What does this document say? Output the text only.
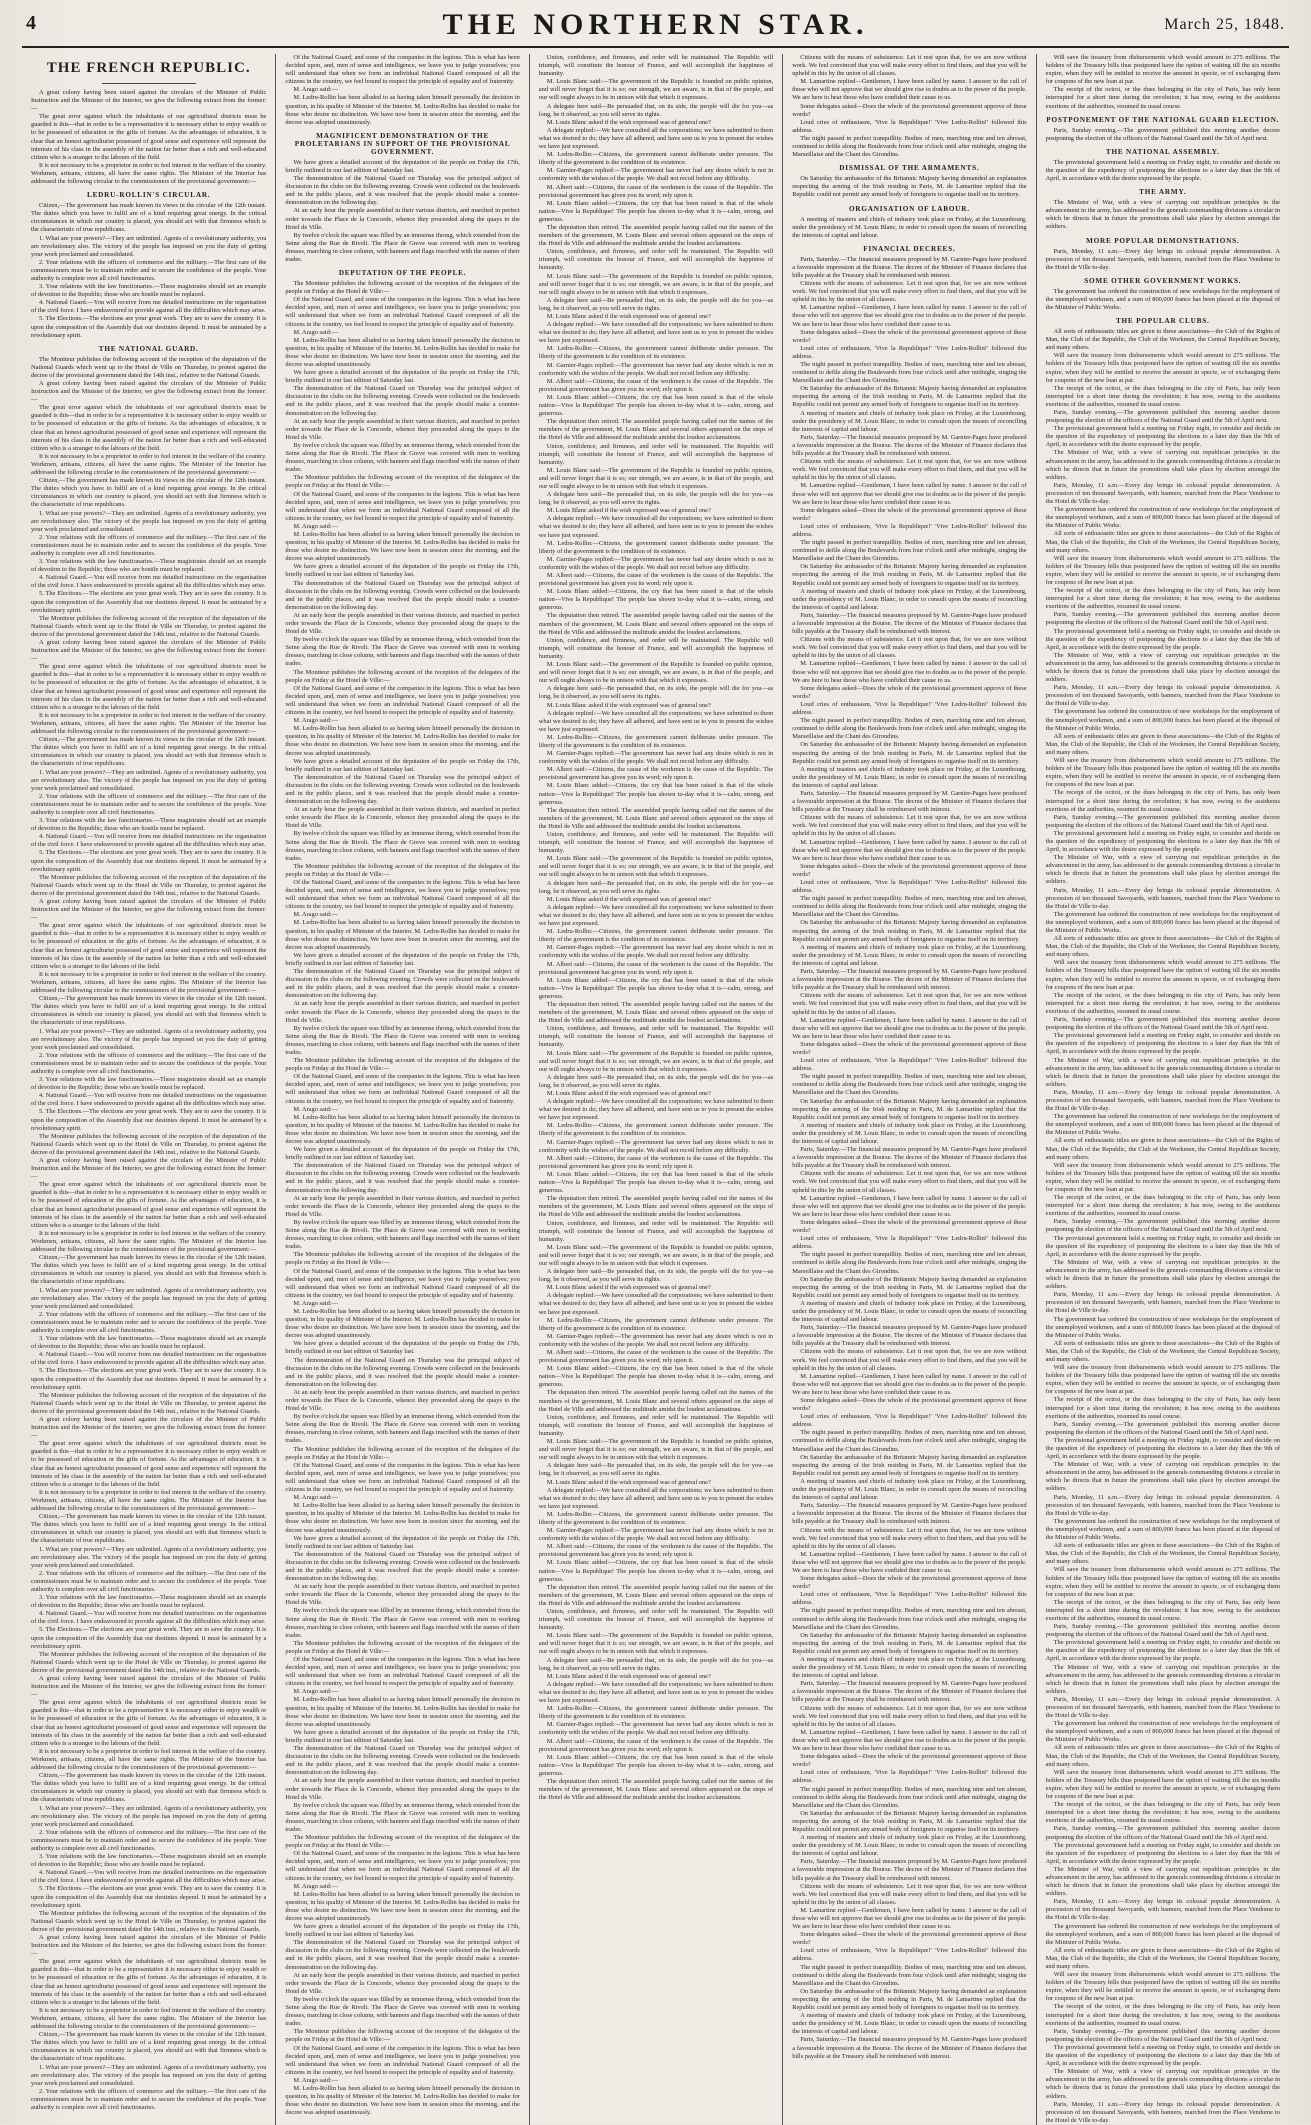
4	THE NORTHERN STAR.	March 25, 1848.
THE FRENCH REPUBLIC.

A great colony having been raised against the circulars of the Minister of Public Instruction and the Minister of the Interior, we give the following extract from the former:—

The great error against which the inhabitants of our agricultural districts must be guarded is this—that in order to be a representative it is necessary either to enjoy wealth or to be possessed of education or the gifts of fortune. As the advantages of education, it is clear that an honest agriculturist possessed of good sense and experience will represent the interests of his class in the assembly of the nation far better than a rich and well-educated citizen who is a stranger to the labours of the field.

It is not necessary to be a proprietor in order to feel interest in the welfare of the country. Workmen, artisans, citizens, all have the same rights. The Minister of the Interior has addressed the following circular to the commissioners of the provisional government:—

LEDRU-ROLLIN'S CIRCULAR.

Citizen,—The government has made known its views in the circular of the 12th instant. The duties which you have to fulfil are of a kind requiring great energy. In the critical circumstances in which our country is placed, you should act with that firmness which is the characteristic of true republicans.

1. What are your powers?—They are unlimited. Agents of a revolutionary authority, you are revolutionary also. The victory of the people has imposed on you the duty of getting your work proclaimed and consolidated.

2. Your relations with the officers of commerce and the military.—The first care of the commissioners must be to maintain order and to secure the confidence of the people. Your authority is complete over all civil functionaries.

3. Your relations with the law functionaries.—These magistrates should set an example of devotion to the Republic; those who are hostile must be replaced.

4. National Guard.—You will receive from me detailed instructions on the organisation of the civil force. I have endeavoured to provide against all the difficulties which may arise.

5. The Elections.—The elections are your great work. They are to save the country. It is upon the composition of the Assembly that our destinies depend. It must be animated by a revolutionary spirit.

THE NATIONAL GUARD.

The Moniteur publishes the following account of the reception of the deputation of the National Guards which went up to the Hotel de Ville on Thursday, to protest against the decree of the provisional government dated the 14th inst., relative to the National Guards.

A great colony having been raised against the circulars of the Minister of Public Instruction and the Minister of the Interior, we give the following extract from the former:—

The great error against which the inhabitants of our agricultural districts must be guarded is this—that in order to be a representative it is necessary either to enjoy wealth or to be possessed of education or the gifts of fortune. As the advantages of education, it is clear that an honest agriculturist possessed of good sense and experience will represent the interests of his class in the assembly of the nation far better than a rich and well-educated citizen who is a stranger to the labours of the field.

It is not necessary to be a proprietor in order to feel interest in the welfare of the country. Workmen, artisans, citizens, all have the same rights. The Minister of the Interior has addressed the following circular to the commissioners of the provisional government:—

Citizen,—The government has made known its views in the circular of the 12th instant. The duties which you have to fulfil are of a kind requiring great energy. In the critical circumstances in which our country is placed, you should act with that firmness which is the characteristic of true republicans.

1. What are your powers?—They are unlimited. Agents of a revolutionary authority, you are revolutionary also. The victory of the people has imposed on you the duty of getting your work proclaimed and consolidated.

2. Your relations with the officers of commerce and the military.—The first care of the commissioners must be to maintain order and to secure the confidence of the people. Your authority is complete over all civil functionaries.

3. Your relations with the law functionaries.—These magistrates should set an example of devotion to the Republic; those who are hostile must be replaced.

4. National Guard.—You will receive from me detailed instructions on the organisation of the civil force. I have endeavoured to provide against all the difficulties which may arise.

5. The Elections.—The elections are your great work. They are to save the country. It is upon the composition of the Assembly that our destinies depend. It must be animated by a revolutionary spirit.

The Moniteur publishes the following account of the reception of the deputation of the National Guards which went up to the Hotel de Ville on Thursday, to protest against the decree of the provisional government dated the 14th inst., relative to the National Guards.

A great colony having been raised against the circulars of the Minister of Public Instruction and the Minister of the Interior, we give the following extract from the former:—

The great error against which the inhabitants of our agricultural districts must be guarded is this—that in order to be a representative it is necessary either to enjoy wealth or to be possessed of education or the gifts of fortune. As the advantages of education, it is clear that an honest agriculturist possessed of good sense and experience will represent the interests of his class in the assembly of the nation far better than a rich and well-educated citizen who is a stranger to the labours of the field.

It is not necessary to be a proprietor in order to feel interest in the welfare of the country. Workmen, artisans, citizens, all have the same rights. The Minister of the Interior has addressed the following circular to the commissioners of the provisional government:—

Citizen,—The government has made known its views in the circular of the 12th instant. The duties which you have to fulfil are of a kind requiring great energy. In the critical circumstances in which our country is placed, you should act with that firmness which is the characteristic of true republicans.

1. What are your powers?—They are unlimited. Agents of a revolutionary authority, you are revolutionary also. The victory of the people has imposed on you the duty of getting your work proclaimed and consolidated.

2. Your relations with the officers of commerce and the military.—The first care of the commissioners must be to maintain order and to secure the confidence of the people. Your authority is complete over all civil functionaries.

3. Your relations with the law functionaries.—These magistrates should set an example of devotion to the Republic; those who are hostile must be replaced.

4. National Guard.—You will receive from me detailed instructions on the organisation of the civil force. I have endeavoured to provide against all the difficulties which may arise.

5. The Elections.—The elections are your great work. They are to save the country. It is upon the composition of the Assembly that our destinies depend. It must be animated by a revolutionary spirit.

The Moniteur publishes the following account of the reception of the deputation of the National Guards which went up to the Hotel de Ville on Thursday, to protest against the decree of the provisional government dated the 14th inst., relative to the National Guards.

A great colony having been raised against the circulars of the Minister of Public Instruction and the Minister of the Interior, we give the following extract from the former:—

The great error against which the inhabitants of our agricultural districts must be guarded is this—that in order to be a representative it is necessary either to enjoy wealth or to be possessed of education or the gifts of fortune. As the advantages of education, it is clear that an honest agriculturist possessed of good sense and experience will represent the interests of his class in the assembly of the nation far better than a rich and well-educated citizen who is a stranger to the labours of the field.

It is not necessary to be a proprietor in order to feel interest in the welfare of the country. Workmen, artisans, citizens, all have the same rights. The Minister of the Interior has addressed the following circular to the commissioners of the provisional government:—

Citizen,—The government has made known its views in the circular of the 12th instant. The duties which you have to fulfil are of a kind requiring great energy. In the critical circumstances in which our country is placed, you should act with that firmness which is the characteristic of true republicans.

1. What are your powers?—They are unlimited. Agents of a revolutionary authority, you are revolutionary also. The victory of the people has imposed on you the duty of getting your work proclaimed and consolidated.

2. Your relations with the officers of commerce and the military.—The first care of the commissioners must be to maintain order and to secure the confidence of the people. Your authority is complete over all civil functionaries.

3. Your relations with the law functionaries.—These magistrates should set an example of devotion to the Republic; those who are hostile must be replaced.

4. National Guard.—You will receive from me detailed instructions on the organisation of the civil force. I have endeavoured to provide against all the difficulties which may arise.

5. The Elections.—The elections are your great work. They are to save the country. It is upon the composition of the Assembly that our destinies depend. It must be animated by a revolutionary spirit.

The Moniteur publishes the following account of the reception of the deputation of the National Guards which went up to the Hotel de Ville on Thursday, to protest against the decree of the provisional government dated the 14th inst., relative to the National Guards.

A great colony having been raised against the circulars of the Minister of Public Instruction and the Minister of the Interior, we give the following extract from the former:—

The great error against which the inhabitants of our agricultural districts must be guarded is this—that in order to be a representative it is necessary either to enjoy wealth or to be possessed of education or the gifts of fortune. As the advantages of education, it is clear that an honest agriculturist possessed of good sense and experience will represent the interests of his class in the assembly of the nation far better than a rich and well-educated citizen who is a stranger to the labours of the field.

It is not necessary to be a proprietor in order to feel interest in the welfare of the country. Workmen, artisans, citizens, all have the same rights. The Minister of the Interior has addressed the following circular to the commissioners of the provisional government:—

Citizen,—The government has made known its views in the circular of the 12th instant. The duties which you have to fulfil are of a kind requiring great energy. In the critical circumstances in which our country is placed, you should act with that firmness which is the characteristic of true republicans.

1. What are your powers?—They are unlimited. Agents of a revolutionary authority, you are revolutionary also. The victory of the people has imposed on you the duty of getting your work proclaimed and consolidated.

2. Your relations with the officers of commerce and the military.—The first care of the commissioners must be to maintain order and to secure the confidence of the people. Your authority is complete over all civil functionaries.

3. Your relations with the law functionaries.—These magistrates should set an example of devotion to the Republic; those who are hostile must be replaced.

4. National Guard.—You will receive from me detailed instructions on the organisation of the civil force. I have endeavoured to provide against all the difficulties which may arise.

5. The Elections.—The elections are your great work. They are to save the country. It is upon the composition of the Assembly that our destinies depend. It must be animated by a revolutionary spirit.

The Moniteur publishes the following account of the reception of the deputation of the National Guards which went up to the Hotel de Ville on Thursday, to protest against the decree of the provisional government dated the 14th inst., relative to the National Guards.

A great colony having been raised against the circulars of the Minister of Public Instruction and the Minister of the Interior, we give the following extract from the former:—

The great error against which the inhabitants of our agricultural districts must be guarded is this—that in order to be a representative it is necessary either to enjoy wealth or to be possessed of education or the gifts of fortune. As the advantages of education, it is clear that an honest agriculturist possessed of good sense and experience will represent the interests of his class in the assembly of the nation far better than a rich and well-educated citizen who is a stranger to the labours of the field.

It is not necessary to be a proprietor in order to feel interest in the welfare of the country. Workmen, artisans, citizens, all have the same rights. The Minister of the Interior has addressed the following circular to the commissioners of the provisional government:—

Citizen,—The government has made known its views in the circular of the 12th instant. The duties which you have to fulfil are of a kind requiring great energy. In the critical circumstances in which our country is placed, you should act with that firmness which is the characteristic of true republicans.

1. What are your powers?—They are unlimited. Agents of a revolutionary authority, you are revolutionary also. The victory of the people has imposed on you the duty of getting your work proclaimed and consolidated.

2. Your relations with the officers of commerce and the military.—The first care of the commissioners must be to maintain order and to secure the confidence of the people. Your authority is complete over all civil functionaries.

3. Your relations with the law functionaries.—These magistrates should set an example of devotion to the Republic; those who are hostile must be replaced.

4. National Guard.—You will receive from me detailed instructions on the organisation of the civil force. I have endeavoured to provide against all the difficulties which may arise.

5. The Elections.—The elections are your great work. They are to save the country. It is upon the composition of the Assembly that our destinies depend. It must be animated by a revolutionary spirit.

The Moniteur publishes the following account of the reception of the deputation of the National Guards which went up to the Hotel de Ville on Thursday, to protest against the decree of the provisional government dated the 14th inst., relative to the National Guards.

A great colony having been raised against the circulars of the Minister of Public Instruction and the Minister of the Interior, we give the following extract from the former:—

The great error against which the inhabitants of our agricultural districts must be guarded is this—that in order to be a representative it is necessary either to enjoy wealth or to be possessed of education or the gifts of fortune. As the advantages of education, it is clear that an honest agriculturist possessed of good sense and experience will represent the interests of his class in the assembly of the nation far better than a rich and well-educated citizen who is a stranger to the labours of the field.

It is not necessary to be a proprietor in order to feel interest in the welfare of the country. Workmen, artisans, citizens, all have the same rights. The Minister of the Interior has addressed the following circular to the commissioners of the provisional government:—

Citizen,—The government has made known its views in the circular of the 12th instant. The duties which you have to fulfil are of a kind requiring great energy. In the critical circumstances in which our country is placed, you should act with that firmness which is the characteristic of true republicans.

1. What are your powers?—They are unlimited. Agents of a revolutionary authority, you are revolutionary also. The victory of the people has imposed on you the duty of getting your work proclaimed and consolidated.

2. Your relations with the officers of commerce and the military.—The first care of the commissioners must be to maintain order and to secure the confidence of the people. Your authority is complete over all civil functionaries.

3. Your relations with the law functionaries.—These magistrates should set an example of devotion to the Republic; those who are hostile must be replaced.

4. National Guard.—You will receive from me detailed instructions on the organisation of the civil force. I have endeavoured to provide against all the difficulties which may arise.

5. The Elections.—The elections are your great work. They are to save the country. It is upon the composition of the Assembly that our destinies depend. It must be animated by a revolutionary spirit.

The Moniteur publishes the following account of the reception of the deputation of the National Guards which went up to the Hotel de Ville on Thursday, to protest against the decree of the provisional government dated the 14th inst., relative to the National Guards.

A great colony having been raised against the circulars of the Minister of Public Instruction and the Minister of the Interior, we give the following extract from the former:—

The great error against which the inhabitants of our agricultural districts must be guarded is this—that in order to be a representative it is necessary either to enjoy wealth or to be possessed of education or the gifts of fortune. As the advantages of education, it is clear that an honest agriculturist possessed of good sense and experience will represent the interests of his class in the assembly of the nation far better than a rich and well-educated citizen who is a stranger to the labours of the field.

It is not necessary to be a proprietor in order to feel interest in the welfare of the country. Workmen, artisans, citizens, all have the same rights. The Minister of the Interior has addressed the following circular to the commissioners of the provisional government:—

Citizen,—The government has made known its views in the circular of the 12th instant. The duties which you have to fulfil are of a kind requiring great energy. In the critical circumstances in which our country is placed, you should act with that firmness which is the characteristic of true republicans.

1. What are your powers?—They are unlimited. Agents of a revolutionary authority, you are revolutionary also. The victory of the people has imposed on you the duty of getting your work proclaimed and consolidated.

2. Your relations with the officers of commerce and the military.—The first care of the commissioners must be to maintain order and to secure the confidence of the people. Your authority is complete over all civil functionaries.

Of the National Guard, and some of the companies in the legions. This is what has been decided upon, and, men of sense and intelligence, we leave you to judge yourselves; you will understand that when we form an individual National Guard composed of all the citizens in the country, we feel bound to respect the principle of equality and of fraternity.

M. Arago said:—

M. Ledru-Rollin has been alluded to as having taken himself personally the decision in question, in his quality of Minister of the Interior. M. Ledru-Rollin has decided to make for those who desire no distinction. We have now been in session since the morning, and the decree was adopted unanimously.

MAGNIFICENT DEMONSTRATION OF THE PROLETARIANS IN SUPPORT OF THE PROVISIONAL GOVERNMENT.

We have given a detailed account of the deputation of the people on Friday the 17th, briefly outlined in our last edition of Saturday last.

The demonstration of the National Guard on Thursday was the principal subject of discussion in the clubs on the following evening. Crowds were collected on the boulevards and in the public places, and it was resolved that the people should make a counter-demonstration on the following day.

At an early hour the people assembled in their various districts, and marched in perfect order towards the Place de la Concorde, whence they proceeded along the quays to the Hotel de Ville.

By twelve o'clock the square was filled by an immense throng, which extended from the Seine along the Rue de Rivoli. The Place de Greve was covered with men in working dresses, marching in close column, with banners and flags inscribed with the names of their trades.

DEPUTATION OF THE PEOPLE.

The Moniteur publishes the following account of the reception of the delegates of the people on Friday at the Hotel de Ville:—

Of the National Guard, and some of the companies in the legions. This is what has been decided upon, and, men of sense and intelligence, we leave you to judge yourselves; you will understand that when we form an individual National Guard composed of all the citizens in the country, we feel bound to respect the principle of equality and of fraternity.

M. Arago said:—

M. Ledru-Rollin has been alluded to as having taken himself personally the decision in question, in his quality of Minister of the Interior. M. Ledru-Rollin has decided to make for those who desire no distinction. We have now been in session since the morning, and the decree was adopted unanimously.

We have given a detailed account of the deputation of the people on Friday the 17th, briefly outlined in our last edition of Saturday last.

The demonstration of the National Guard on Thursday was the principal subject of discussion in the clubs on the following evening. Crowds were collected on the boulevards and in the public places, and it was resolved that the people should make a counter-demonstration on the following day.

At an early hour the people assembled in their various districts, and marched in perfect order towards the Place de la Concorde, whence they proceeded along the quays to the Hotel de Ville.

By twelve o'clock the square was filled by an immense throng, which extended from the Seine along the Rue de Rivoli. The Place de Greve was covered with men in working dresses, marching in close column, with banners and flags inscribed with the names of their trades.

The Moniteur publishes the following account of the reception of the delegates of the people on Friday at the Hotel de Ville:—

Of the National Guard, and some of the companies in the legions. This is what has been decided upon, and, men of sense and intelligence, we leave you to judge yourselves; you will understand that when we form an individual National Guard composed of all the citizens in the country, we feel bound to respect the principle of equality and of fraternity.

M. Arago said:—

M. Ledru-Rollin has been alluded to as having taken himself personally the decision in question, in his quality of Minister of the Interior. M. Ledru-Rollin has decided to make for those who desire no distinction. We have now been in session since the morning, and the decree was adopted unanimously.

We have given a detailed account of the deputation of the people on Friday the 17th, briefly outlined in our last edition of Saturday last.

The demonstration of the National Guard on Thursday was the principal subject of discussion in the clubs on the following evening. Crowds were collected on the boulevards and in the public places, and it was resolved that the people should make a counter-demonstration on the following day.

At an early hour the people assembled in their various districts, and marched in perfect order towards the Place de la Concorde, whence they proceeded along the quays to the Hotel de Ville.

By twelve o'clock the square was filled by an immense throng, which extended from the Seine along the Rue de Rivoli. The Place de Greve was covered with men in working dresses, marching in close column, with banners and flags inscribed with the names of their trades.

The Moniteur publishes the following account of the reception of the delegates of the people on Friday at the Hotel de Ville:—

Of the National Guard, and some of the companies in the legions. This is what has been decided upon, and, men of sense and intelligence, we leave you to judge yourselves; you will understand that when we form an individual National Guard composed of all the citizens in the country, we feel bound to respect the principle of equality and of fraternity.

M. Arago said:—

M. Ledru-Rollin has been alluded to as having taken himself personally the decision in question, in his quality of Minister of the Interior. M. Ledru-Rollin has decided to make for those who desire no distinction. We have now been in session since the morning, and the decree was adopted unanimously.

We have given a detailed account of the deputation of the people on Friday the 17th, briefly outlined in our last edition of Saturday last.

The demonstration of the National Guard on Thursday was the principal subject of discussion in the clubs on the following evening. Crowds were collected on the boulevards and in the public places, and it was resolved that the people should make a counter-demonstration on the following day.

At an early hour the people assembled in their various districts, and marched in perfect order towards the Place de la Concorde, whence they proceeded along the quays to the Hotel de Ville.

By twelve o'clock the square was filled by an immense throng, which extended from the Seine along the Rue de Rivoli. The Place de Greve was covered with men in working dresses, marching in close column, with banners and flags inscribed with the names of their trades.

The Moniteur publishes the following account of the reception of the delegates of the people on Friday at the Hotel de Ville:—

Of the National Guard, and some of the companies in the legions. This is what has been decided upon, and, men of sense and intelligence, we leave you to judge yourselves; you will understand that when we form an individual National Guard composed of all the citizens in the country, we feel bound to respect the principle of equality and of fraternity.

M. Arago said:—

M. Ledru-Rollin has been alluded to as having taken himself personally the decision in question, in his quality of Minister of the Interior. M. Ledru-Rollin has decided to make for those who desire no distinction. We have now been in session since the morning, and the decree was adopted unanimously.

We have given a detailed account of the deputation of the people on Friday the 17th, briefly outlined in our last edition of Saturday last.

The demonstration of the National Guard on Thursday was the principal subject of discussion in the clubs on the following evening. Crowds were collected on the boulevards and in the public places, and it was resolved that the people should make a counter-demonstration on the following day.

At an early hour the people assembled in their various districts, and marched in perfect order towards the Place de la Concorde, whence they proceeded along the quays to the Hotel de Ville.

By twelve o'clock the square was filled by an immense throng, which extended from the Seine along the Rue de Rivoli. The Place de Greve was covered with men in working dresses, marching in close column, with banners and flags inscribed with the names of their trades.

The Moniteur publishes the following account of the reception of the delegates of the people on Friday at the Hotel de Ville:—

Of the National Guard, and some of the companies in the legions. This is what has been decided upon, and, men of sense and intelligence, we leave you to judge yourselves; you will understand that when we form an individual National Guard composed of all the citizens in the country, we feel bound to respect the principle of equality and of fraternity.

M. Arago said:—

M. Ledru-Rollin has been alluded to as having taken himself personally the decision in question, in his quality of Minister of the Interior. M. Ledru-Rollin has decided to make for those who desire no distinction. We have now been in session since the morning, and the decree was adopted unanimously.

We have given a detailed account of the deputation of the people on Friday the 17th, briefly outlined in our last edition of Saturday last.

The demonstration of the National Guard on Thursday was the principal subject of discussion in the clubs on the following evening. Crowds were collected on the boulevards and in the public places, and it was resolved that the people should make a counter-demonstration on the following day.

At an early hour the people assembled in their various districts, and marched in perfect order towards the Place de la Concorde, whence they proceeded along the quays to the Hotel de Ville.

By twelve o'clock the square was filled by an immense throng, which extended from the Seine along the Rue de Rivoli. The Place de Greve was covered with men in working dresses, marching in close column, with banners and flags inscribed with the names of their trades.

The Moniteur publishes the following account of the reception of the delegates of the people on Friday at the Hotel de Ville:—

Of the National Guard, and some of the companies in the legions. This is what has been decided upon, and, men of sense and intelligence, we leave you to judge yourselves; you will understand that when we form an individual National Guard composed of all the citizens in the country, we feel bound to respect the principle of equality and of fraternity.

M. Arago said:—

M. Ledru-Rollin has been alluded to as having taken himself personally the decision in question, in his quality of Minister of the Interior. M. Ledru-Rollin has decided to make for those who desire no distinction. We have now been in session since the morning, and the decree was adopted unanimously.

We have given a detailed account of the deputation of the people on Friday the 17th, briefly outlined in our last edition of Saturday last.

The demonstration of the National Guard on Thursday was the principal subject of discussion in the clubs on the following evening. Crowds were collected on the boulevards and in the public places, and it was resolved that the people should make a counter-demonstration on the following day.

At an early hour the people assembled in their various districts, and marched in perfect order towards the Place de la Concorde, whence they proceeded along the quays to the Hotel de Ville.

By twelve o'clock the square was filled by an immense throng, which extended from the Seine along the Rue de Rivoli. The Place de Greve was covered with men in working dresses, marching in close column, with banners and flags inscribed with the names of their trades.

The Moniteur publishes the following account of the reception of the delegates of the people on Friday at the Hotel de Ville:—

Of the National Guard, and some of the companies in the legions. This is what has been decided upon, and, men of sense and intelligence, we leave you to judge yourselves; you will understand that when we form an individual National Guard composed of all the citizens in the country, we feel bound to respect the principle of equality and of fraternity.

M. Arago said:—

M. Ledru-Rollin has been alluded to as having taken himself personally the decision in question, in his quality of Minister of the Interior. M. Ledru-Rollin has decided to make for those who desire no distinction. We have now been in session since the morning, and the decree was adopted unanimously.

We have given a detailed account of the deputation of the people on Friday the 17th, briefly outlined in our last edition of Saturday last.

The demonstration of the National Guard on Thursday was the principal subject of discussion in the clubs on the following evening. Crowds were collected on the boulevards and in the public places, and it was resolved that the people should make a counter-demonstration on the following day.

At an early hour the people assembled in their various districts, and marched in perfect order towards the Place de la Concorde, whence they proceeded along the quays to the Hotel de Ville.

By twelve o'clock the square was filled by an immense throng, which extended from the Seine along the Rue de Rivoli. The Place de Greve was covered with men in working dresses, marching in close column, with banners and flags inscribed with the names of their trades.

The Moniteur publishes the following account of the reception of the delegates of the people on Friday at the Hotel de Ville:—

Of the National Guard, and some of the companies in the legions. This is what has been decided upon, and, men of sense and intelligence, we leave you to judge yourselves; you will understand that when we form an individual National Guard composed of all the citizens in the country, we feel bound to respect the principle of equality and of fraternity.

M. Arago said:—

M. Ledru-Rollin has been alluded to as having taken himself personally the decision in question, in his quality of Minister of the Interior. M. Ledru-Rollin has decided to make for those who desire no distinction. We have now been in session since the morning, and the decree was adopted unanimously.

We have given a detailed account of the deputation of the people on Friday the 17th, briefly outlined in our last edition of Saturday last.

The demonstration of the National Guard on Thursday was the principal subject of discussion in the clubs on the following evening. Crowds were collected on the boulevards and in the public places, and it was resolved that the people should make a counter-demonstration on the following day.

At an early hour the people assembled in their various districts, and marched in perfect order towards the Place de la Concorde, whence they proceeded along the quays to the Hotel de Ville.

By twelve o'clock the square was filled by an immense throng, which extended from the Seine along the Rue de Rivoli. The Place de Greve was covered with men in working dresses, marching in close column, with banners and flags inscribed with the names of their trades.

The Moniteur publishes the following account of the reception of the delegates of the people on Friday at the Hotel de Ville:—

Of the National Guard, and some of the companies in the legions. This is what has been decided upon, and, men of sense and intelligence, we leave you to judge yourselves; you will understand that when we form an individual National Guard composed of all the citizens in the country, we feel bound to respect the principle of equality and of fraternity.

M. Arago said:—

M. Ledru-Rollin has been alluded to as having taken himself personally the decision in question, in his quality of Minister of the Interior. M. Ledru-Rollin has decided to make for those who desire no distinction. We have now been in session since the morning, and the decree was adopted unanimously.

We have given a detailed account of the deputation of the people on Friday the 17th, briefly outlined in our last edition of Saturday last.

The demonstration of the National Guard on Thursday was the principal subject of discussion in the clubs on the following evening. Crowds were collected on the boulevards and in the public places, and it was resolved that the people should make a counter-demonstration on the following day.

At an early hour the people assembled in their various districts, and marched in perfect order towards the Place de la Concorde, whence they proceeded along the quays to the Hotel de Ville.

By twelve o'clock the square was filled by an immense throng, which extended from the Seine along the Rue de Rivoli. The Place de Greve was covered with men in working dresses, marching in close column, with banners and flags inscribed with the names of their trades.

The Moniteur publishes the following account of the reception of the delegates of the people on Friday at the Hotel de Ville:—

Of the National Guard, and some of the companies in the legions. This is what has been decided upon, and, men of sense and intelligence, we leave you to judge yourselves; you will understand that when we form an individual National Guard composed of all the citizens in the country, we feel bound to respect the principle of equality and of fraternity.

M. Arago said:—

M. Ledru-Rollin has been alluded to as having taken himself personally the decision in question, in his quality of Minister of the Interior. M. Ledru-Rollin has decided to make for those who desire no distinction. We have now been in session since the morning, and the decree was adopted unanimously.

Union, confidence, and firmness, and order will be maintained. The Republic will triumph, will constitute the honour of France, and will accomplish the happiness of humanity.

M. Louis Blanc said:—The government of the Republic is founded on public opinion, and will never forget that it is so; our strength, we are aware, is in that of the people, and our will ought always to be in unison with that which it expresses.

A delegate here said—Be persuaded that, on its side, the people will die for you—as long, be it observed, as you will serve its rights.

M. Louis Blanc asked if the wish expressed was of general one?

A delegate replied:—We have consulted all the corporations; we have submitted to them what we desired to do; they have all adhered, and have sent us to you to present the wishes we have just expressed.

M. Ledru-Rollin:—Citizens, the government cannot deliberate under pressure. The liberty of the government is the condition of its existence.

M. Garnier-Pages replied:—The government has never had any desire which is not in conformity with the wishes of the people. We shall not recoil before any difficulty.

M. Albert said:—Citizens, the cause of the workmen is the cause of the Republic. The provisional government has given you its word; rely upon it.

M. Louis Blanc added:—Citizens, the cry that has been raised is that of the whole nation—Vive la Republique! The people has shown to-day what it is—calm, strong, and generous.

The deputation then retired. The assembled people having called out the names of the members of the government, M. Louis Blanc and several others appeared on the steps of the Hotel de Ville and addressed the multitude amidst the loudest acclamations.

Union, confidence, and firmness, and order will be maintained. The Republic will triumph, will constitute the honour of France, and will accomplish the happiness of humanity.

M. Louis Blanc said:—The government of the Republic is founded on public opinion, and will never forget that it is so; our strength, we are aware, is in that of the people, and our will ought always to be in unison with that which it expresses.

A delegate here said—Be persuaded that, on its side, the people will die for you—as long, be it observed, as you will serve its rights.

M. Louis Blanc asked if the wish expressed was of general one?

A delegate replied:—We have consulted all the corporations; we have submitted to them what we desired to do; they have all adhered, and have sent us to you to present the wishes we have just expressed.

M. Ledru-Rollin:—Citizens, the government cannot deliberate under pressure. The liberty of the government is the condition of its existence.

M. Garnier-Pages replied:—The government has never had any desire which is not in conformity with the wishes of the people. We shall not recoil before any difficulty.

M. Albert said:—Citizens, the cause of the workmen is the cause of the Republic. The provisional government has given you its word; rely upon it.

M. Louis Blanc added:—Citizens, the cry that has been raised is that of the whole nation—Vive la Republique! The people has shown to-day what it is—calm, strong, and generous.

The deputation then retired. The assembled people having called out the names of the members of the government, M. Louis Blanc and several others appeared on the steps of the Hotel de Ville and addressed the multitude amidst the loudest acclamations.

Union, confidence, and firmness, and order will be maintained. The Republic will triumph, will constitute the honour of France, and will accomplish the happiness of humanity.

M. Louis Blanc said:—The government of the Republic is founded on public opinion, and will never forget that it is so; our strength, we are aware, is in that of the people, and our will ought always to be in unison with that which it expresses.

A delegate here said—Be persuaded that, on its side, the people will die for you—as long, be it observed, as you will serve its rights.

M. Louis Blanc asked if the wish expressed was of general one?

A delegate replied:—We have consulted all the corporations; we have submitted to them what we desired to do; they have all adhered, and have sent us to you to present the wishes we have just expressed.

M. Ledru-Rollin:—Citizens, the government cannot deliberate under pressure. The liberty of the government is the condition of its existence.

M. Garnier-Pages replied:—The government has never had any desire which is not in conformity with the wishes of the people. We shall not recoil before any difficulty.

M. Albert said:—Citizens, the cause of the workmen is the cause of the Republic. The provisional government has given you its word; rely upon it.

M. Louis Blanc added:—Citizens, the cry that has been raised is that of the whole nation—Vive la Republique! The people has shown to-day what it is—calm, strong, and generous.

The deputation then retired. The assembled people having called out the names of the members of the government, M. Louis Blanc and several others appeared on the steps of the Hotel de Ville and addressed the multitude amidst the loudest acclamations.

Union, confidence, and firmness, and order will be maintained. The Republic will triumph, will constitute the honour of France, and will accomplish the happiness of humanity.

M. Louis Blanc said:—The government of the Republic is founded on public opinion, and will never forget that it is so; our strength, we are aware, is in that of the people, and our will ought always to be in unison with that which it expresses.

A delegate here said—Be persuaded that, on its side, the people will die for you—as long, be it observed, as you will serve its rights.

M. Louis Blanc asked if the wish expressed was of general one?

A delegate replied:—We have consulted all the corporations; we have submitted to them what we desired to do; they have all adhered, and have sent us to you to present the wishes we have just expressed.

M. Ledru-Rollin:—Citizens, the government cannot deliberate under pressure. The liberty of the government is the condition of its existence.

M. Garnier-Pages replied:—The government has never had any desire which is not in conformity with the wishes of the people. We shall not recoil before any difficulty.

M. Albert said:—Citizens, the cause of the workmen is the cause of the Republic. The provisional government has given you its word; rely upon it.

M. Louis Blanc added:—Citizens, the cry that has been raised is that of the whole nation—Vive la Republique! The people has shown to-day what it is—calm, strong, and generous.

The deputation then retired. The assembled people having called out the names of the members of the government, M. Louis Blanc and several others appeared on the steps of the Hotel de Ville and addressed the multitude amidst the loudest acclamations.

Union, confidence, and firmness, and order will be maintained. The Republic will triumph, will constitute the honour of France, and will accomplish the happiness of humanity.

M. Louis Blanc said:—The government of the Republic is founded on public opinion, and will never forget that it is so; our strength, we are aware, is in that of the people, and our will ought always to be in unison with that which it expresses.

A delegate here said—Be persuaded that, on its side, the people will die for you—as long, be it observed, as you will serve its rights.

M. Louis Blanc asked if the wish expressed was of general one?

A delegate replied:—We have consulted all the corporations; we have submitted to them what we desired to do; they have all adhered, and have sent us to you to present the wishes we have just expressed.

M. Ledru-Rollin:—Citizens, the government cannot deliberate under pressure. The liberty of the government is the condition of its existence.

M. Garnier-Pages replied:—The government has never had any desire which is not in conformity with the wishes of the people. We shall not recoil before any difficulty.

M. Albert said:—Citizens, the cause of the workmen is the cause of the Republic. The provisional government has given you its word; rely upon it.

M. Louis Blanc added:—Citizens, the cry that has been raised is that of the whole nation—Vive la Republique! The people has shown to-day what it is—calm, strong, and generous.

The deputation then retired. The assembled people having called out the names of the members of the government, M. Louis Blanc and several others appeared on the steps of the Hotel de Ville and addressed the multitude amidst the loudest acclamations.

Union, confidence, and firmness, and order will be maintained. The Republic will triumph, will constitute the honour of France, and will accomplish the happiness of humanity.

M. Louis Blanc said:—The government of the Republic is founded on public opinion, and will never forget that it is so; our strength, we are aware, is in that of the people, and our will ought always to be in unison with that which it expresses.

A delegate here said—Be persuaded that, on its side, the people will die for you—as long, be it observed, as you will serve its rights.

M. Louis Blanc asked if the wish expressed was of general one?

A delegate replied:—We have consulted all the corporations; we have submitted to them what we desired to do; they have all adhered, and have sent us to you to present the wishes we have just expressed.

M. Ledru-Rollin:—Citizens, the government cannot deliberate under pressure. The liberty of the government is the condition of its existence.

M. Garnier-Pages replied:—The government has never had any desire which is not in conformity with the wishes of the people. We shall not recoil before any difficulty.

M. Albert said:—Citizens, the cause of the workmen is the cause of the Republic. The provisional government has given you its word; rely upon it.

M. Louis Blanc added:—Citizens, the cry that has been raised is that of the whole nation—Vive la Republique! The people has shown to-day what it is—calm, strong, and generous.

The deputation then retired. The assembled people having called out the names of the members of the government, M. Louis Blanc and several others appeared on the steps of the Hotel de Ville and addressed the multitude amidst the loudest acclamations.

Union, confidence, and firmness, and order will be maintained. The Republic will triumph, will constitute the honour of France, and will accomplish the happiness of humanity.

M. Louis Blanc said:—The government of the Republic is founded on public opinion, and will never forget that it is so; our strength, we are aware, is in that of the people, and our will ought always to be in unison with that which it expresses.

A delegate here said—Be persuaded that, on its side, the people will die for you—as long, be it observed, as you will serve its rights.

M. Louis Blanc asked if the wish expressed was of general one?

A delegate replied:—We have consulted all the corporations; we have submitted to them what we desired to do; they have all adhered, and have sent us to you to present the wishes we have just expressed.

M. Ledru-Rollin:—Citizens, the government cannot deliberate under pressure. The liberty of the government is the condition of its existence.

M. Garnier-Pages replied:—The government has never had any desire which is not in conformity with the wishes of the people. We shall not recoil before any difficulty.

M. Albert said:—Citizens, the cause of the workmen is the cause of the Republic. The provisional government has given you its word; rely upon it.

M. Louis Blanc added:—Citizens, the cry that has been raised is that of the whole nation—Vive la Republique! The people has shown to-day what it is—calm, strong, and generous.

The deputation then retired. The assembled people having called out the names of the members of the government, M. Louis Blanc and several others appeared on the steps of the Hotel de Ville and addressed the multitude amidst the loudest acclamations.

Union, confidence, and firmness, and order will be maintained. The Republic will triumph, will constitute the honour of France, and will accomplish the happiness of humanity.

M. Louis Blanc said:—The government of the Republic is founded on public opinion, and will never forget that it is so; our strength, we are aware, is in that of the people, and our will ought always to be in unison with that which it expresses.

A delegate here said—Be persuaded that, on its side, the people will die for you—as long, be it observed, as you will serve its rights.

M. Louis Blanc asked if the wish expressed was of general one?

A delegate replied:—We have consulted all the corporations; we have submitted to them what we desired to do; they have all adhered, and have sent us to you to present the wishes we have just expressed.

M. Ledru-Rollin:—Citizens, the government cannot deliberate under pressure. The liberty of the government is the condition of its existence.

M. Garnier-Pages replied:—The government has never had any desire which is not in conformity with the wishes of the people. We shall not recoil before any difficulty.

M. Albert said:—Citizens, the cause of the workmen is the cause of the Republic. The provisional government has given you its word; rely upon it.

M. Louis Blanc added:—Citizens, the cry that has been raised is that of the whole nation—Vive la Republique! The people has shown to-day what it is—calm, strong, and generous.

The deputation then retired. The assembled people having called out the names of the members of the government, M. Louis Blanc and several others appeared on the steps of the Hotel de Ville and addressed the multitude amidst the loudest acclamations.

Union, confidence, and firmness, and order will be maintained. The Republic will triumph, will constitute the honour of France, and will accomplish the happiness of humanity.

M. Louis Blanc said:—The government of the Republic is founded on public opinion, and will never forget that it is so; our strength, we are aware, is in that of the people, and our will ought always to be in unison with that which it expresses.

A delegate here said—Be persuaded that, on its side, the people will die for you—as long, be it observed, as you will serve its rights.

M. Louis Blanc asked if the wish expressed was of general one?

A delegate replied:—We have consulted all the corporations; we have submitted to them what we desired to do; they have all adhered, and have sent us to you to present the wishes we have just expressed.

M. Ledru-Rollin:—Citizens, the government cannot deliberate under pressure. The liberty of the government is the condition of its existence.

M. Garnier-Pages replied:—The government has never had any desire which is not in conformity with the wishes of the people. We shall not recoil before any difficulty.

M. Albert said:—Citizens, the cause of the workmen is the cause of the Republic. The provisional government has given you its word; rely upon it.

M. Louis Blanc added:—Citizens, the cry that has been raised is that of the whole nation—Vive la Republique! The people has shown to-day what it is—calm, strong, and generous.

The deputation then retired. The assembled people having called out the names of the members of the government, M. Louis Blanc and several others appeared on the steps of the Hotel de Ville and addressed the multitude amidst the loudest acclamations.

Citizens with the means of subsistence. Let it rest upon that, for we are now without work. We feel convinced that you will make every effort to find them, and that you will be upheld in this by the union of all classes.

M. Lamartine replied—Gentlemen, I have been called by name. I answer to the call of those who will not approve that we should give rise to doubts as to the power of the people. We are here to hear those who have confided their cause to us.

Some delegates asked—Does the whole of the provisional government approve of these words?

Loud cries of enthusiasm, 'Vive la Republique!' 'Vive Ledru-Rollin!' followed this address.

The night passed in perfect tranquillity. Bodies of men, marching nine and ten abreast, continued to defile along the Boulevards from four o'clock until after midnight, singing the Marseillaise and the Chant des Girondins.

DISMISSAL OF THE ARMAMENTS.

On Saturday the ambassador of the Britannic Majesty having demanded an explanation respecting the arming of the Irish residing in Paris, M. de Lamartine replied that the Republic could not permit any armed body of foreigners to organise itself on its territory.

ORGANISATION OF LABOUR.

A meeting of masters and chiefs of industry took place on Friday, at the Luxembourg, under the presidency of M. Louis Blanc, in order to consult upon the means of reconciling the interests of capital and labour.

FINANCIAL DECREES.

Paris, Saturday.—The financial measures proposed by M. Garnier-Pages have produced a favourable impression at the Bourse. The decree of the Minister of Finance declares that bills payable at the Treasury shall be reimbursed with interest.

Citizens with the means of subsistence. Let it rest upon that, for we are now without work. We feel convinced that you will make every effort to find them, and that you will be upheld in this by the union of all classes.

M. Lamartine replied—Gentlemen, I have been called by name. I answer to the call of those who will not approve that we should give rise to doubts as to the power of the people. We are here to hear those who have confided their cause to us.

Some delegates asked—Does the whole of the provisional government approve of these words?

Loud cries of enthusiasm, 'Vive la Republique!' 'Vive Ledru-Rollin!' followed this address.

The night passed in perfect tranquillity. Bodies of men, marching nine and ten abreast, continued to defile along the Boulevards from four o'clock until after midnight, singing the Marseillaise and the Chant des Girondins.

On Saturday the ambassador of the Britannic Majesty having demanded an explanation respecting the arming of the Irish residing in Paris, M. de Lamartine replied that the Republic could not permit any armed body of foreigners to organise itself on its territory.

A meeting of masters and chiefs of industry took place on Friday, at the Luxembourg, under the presidency of M. Louis Blanc, in order to consult upon the means of reconciling the interests of capital and labour.

Paris, Saturday.—The financial measures proposed by M. Garnier-Pages have produced a favourable impression at the Bourse. The decree of the Minister of Finance declares that bills payable at the Treasury shall be reimbursed with interest.

Citizens with the means of subsistence. Let it rest upon that, for we are now without work. We feel convinced that you will make every effort to find them, and that you will be upheld in this by the union of all classes.

M. Lamartine replied—Gentlemen, I have been called by name. I answer to the call of those who will not approve that we should give rise to doubts as to the power of the people. We are here to hear those who have confided their cause to us.

Some delegates asked—Does the whole of the provisional government approve of these words?

Loud cries of enthusiasm, 'Vive la Republique!' 'Vive Ledru-Rollin!' followed this address.

The night passed in perfect tranquillity. Bodies of men, marching nine and ten abreast, continued to defile along the Boulevards from four o'clock until after midnight, singing the Marseillaise and the Chant des Girondins.

On Saturday the ambassador of the Britannic Majesty having demanded an explanation respecting the arming of the Irish residing in Paris, M. de Lamartine replied that the Republic could not permit any armed body of foreigners to organise itself on its territory.

A meeting of masters and chiefs of industry took place on Friday, at the Luxembourg, under the presidency of M. Louis Blanc, in order to consult upon the means of reconciling the interests of capital and labour.

Paris, Saturday.—The financial measures proposed by M. Garnier-Pages have produced a favourable impression at the Bourse. The decree of the Minister of Finance declares that bills payable at the Treasury shall be reimbursed with interest.

Citizens with the means of subsistence. Let it rest upon that, for we are now without work. We feel convinced that you will make every effort to find them, and that you will be upheld in this by the union of all classes.

M. Lamartine replied—Gentlemen, I have been called by name. I answer to the call of those who will not approve that we should give rise to doubts as to the power of the people. We are here to hear those who have confided their cause to us.

Some delegates asked—Does the whole of the provisional government approve of these words?

Loud cries of enthusiasm, 'Vive la Republique!' 'Vive Ledru-Rollin!' followed this address.

The night passed in perfect tranquillity. Bodies of men, marching nine and ten abreast, continued to defile along the Boulevards from four o'clock until after midnight, singing the Marseillaise and the Chant des Girondins.

On Saturday the ambassador of the Britannic Majesty having demanded an explanation respecting the arming of the Irish residing in Paris, M. de Lamartine replied that the Republic could not permit any armed body of foreigners to organise itself on its territory.

A meeting of masters and chiefs of industry took place on Friday, at the Luxembourg, under the presidency of M. Louis Blanc, in order to consult upon the means of reconciling the interests of capital and labour.

Paris, Saturday.—The financial measures proposed by M. Garnier-Pages have produced a favourable impression at the Bourse. The decree of the Minister of Finance declares that bills payable at the Treasury shall be reimbursed with interest.

Citizens with the means of subsistence. Let it rest upon that, for we are now without work. We feel convinced that you will make every effort to find them, and that you will be upheld in this by the union of all classes.

M. Lamartine replied—Gentlemen, I have been called by name. I answer to the call of those who will not approve that we should give rise to doubts as to the power of the people. We are here to hear those who have confided their cause to us.

Some delegates asked—Does the whole of the provisional government approve of these words?

Loud cries of enthusiasm, 'Vive la Republique!' 'Vive Ledru-Rollin!' followed this address.

The night passed in perfect tranquillity. Bodies of men, marching nine and ten abreast, continued to defile along the Boulevards from four o'clock until after midnight, singing the Marseillaise and the Chant des Girondins.

On Saturday the ambassador of the Britannic Majesty having demanded an explanation respecting the arming of the Irish residing in Paris, M. de Lamartine replied that the Republic could not permit any armed body of foreigners to organise itself on its territory.

A meeting of masters and chiefs of industry took place on Friday, at the Luxembourg, under the presidency of M. Louis Blanc, in order to consult upon the means of reconciling the interests of capital and labour.

Paris, Saturday.—The financial measures proposed by M. Garnier-Pages have produced a favourable impression at the Bourse. The decree of the Minister of Finance declares that bills payable at the Treasury shall be reimbursed with interest.

Citizens with the means of subsistence. Let it rest upon that, for we are now without work. We feel convinced that you will make every effort to find them, and that you will be upheld in this by the union of all classes.

M. Lamartine replied—Gentlemen, I have been called by name. I answer to the call of those who will not approve that we should give rise to doubts as to the power of the people. We are here to hear those who have confided their cause to us.

Some delegates asked—Does the whole of the provisional government approve of these words?

Loud cries of enthusiasm, 'Vive la Republique!' 'Vive Ledru-Rollin!' followed this address.

The night passed in perfect tranquillity. Bodies of men, marching nine and ten abreast, continued to defile along the Boulevards from four o'clock until after midnight, singing the Marseillaise and the Chant des Girondins.

On Saturday the ambassador of the Britannic Majesty having demanded an explanation respecting the arming of the Irish residing in Paris, M. de Lamartine replied that the Republic could not permit any armed body of foreigners to organise itself on its territory.

A meeting of masters and chiefs of industry took place on Friday, at the Luxembourg, under the presidency of M. Louis Blanc, in order to consult upon the means of reconciling the interests of capital and labour.

Paris, Saturday.—The financial measures proposed by M. Garnier-Pages have produced a favourable impression at the Bourse. The decree of the Minister of Finance declares that bills payable at the Treasury shall be reimbursed with interest.

Citizens with the means of subsistence. Let it rest upon that, for we are now without work. We feel convinced that you will make every effort to find them, and that you will be upheld in this by the union of all classes.

M. Lamartine replied—Gentlemen, I have been called by name. I answer to the call of those who will not approve that we should give rise to doubts as to the power of the people. We are here to hear those who have confided their cause to us.

Some delegates asked—Does the whole of the provisional government approve of these words?

Loud cries of enthusiasm, 'Vive la Republique!' 'Vive Ledru-Rollin!' followed this address.

The night passed in perfect tranquillity. Bodies of men, marching nine and ten abreast, continued to defile along the Boulevards from four o'clock until after midnight, singing the Marseillaise and the Chant des Girondins.

On Saturday the ambassador of the Britannic Majesty having demanded an explanation respecting the arming of the Irish residing in Paris, M. de Lamartine replied that the Republic could not permit any armed body of foreigners to organise itself on its territory.

A meeting of masters and chiefs of industry took place on Friday, at the Luxembourg, under the presidency of M. Louis Blanc, in order to consult upon the means of reconciling the interests of capital and labour.

Paris, Saturday.—The financial measures proposed by M. Garnier-Pages have produced a favourable impression at the Bourse. The decree of the Minister of Finance declares that bills payable at the Treasury shall be reimbursed with interest.

Citizens with the means of subsistence. Let it rest upon that, for we are now without work. We feel convinced that you will make every effort to find them, and that you will be upheld in this by the union of all classes.

M. Lamartine replied—Gentlemen, I have been called by name. I answer to the call of those who will not approve that we should give rise to doubts as to the power of the people. We are here to hear those who have confided their cause to us.

Some delegates asked—Does the whole of the provisional government approve of these words?

Loud cries of enthusiasm, 'Vive la Republique!' 'Vive Ledru-Rollin!' followed this address.

The night passed in perfect tranquillity. Bodies of men, marching nine and ten abreast, continued to defile along the Boulevards from four o'clock until after midnight, singing the Marseillaise and the Chant des Girondins.

On Saturday the ambassador of the Britannic Majesty having demanded an explanation respecting the arming of the Irish residing in Paris, M. de Lamartine replied that the Republic could not permit any armed body of foreigners to organise itself on its territory.

A meeting of masters and chiefs of industry took place on Friday, at the Luxembourg, under the presidency of M. Louis Blanc, in order to consult upon the means of reconciling the interests of capital and labour.

Paris, Saturday.—The financial measures proposed by M. Garnier-Pages have produced a favourable impression at the Bourse. The decree of the Minister of Finance declares that bills payable at the Treasury shall be reimbursed with interest.

Citizens with the means of subsistence. Let it rest upon that, for we are now without work. We feel convinced that you will make every effort to find them, and that you will be upheld in this by the union of all classes.

M. Lamartine replied—Gentlemen, I have been called by name. I answer to the call of those who will not approve that we should give rise to doubts as to the power of the people. We are here to hear those who have confided their cause to us.

Some delegates asked—Does the whole of the provisional government approve of these words?

Loud cries of enthusiasm, 'Vive la Republique!' 'Vive Ledru-Rollin!' followed this address.

The night passed in perfect tranquillity. Bodies of men, marching nine and ten abreast, continued to defile along the Boulevards from four o'clock until after midnight, singing the Marseillaise and the Chant des Girondins.

On Saturday the ambassador of the Britannic Majesty having demanded an explanation respecting the arming of the Irish residing in Paris, M. de Lamartine replied that the Republic could not permit any armed body of foreigners to organise itself on its territory.

A meeting of masters and chiefs of industry took place on Friday, at the Luxembourg, under the presidency of M. Louis Blanc, in order to consult upon the means of reconciling the interests of capital and labour.

Paris, Saturday.—The financial measures proposed by M. Garnier-Pages have produced a favourable impression at the Bourse. The decree of the Minister of Finance declares that bills payable at the Treasury shall be reimbursed with interest.

Citizens with the means of subsistence. Let it rest upon that, for we are now without work. We feel convinced that you will make every effort to find them, and that you will be upheld in this by the union of all classes.

M. Lamartine replied—Gentlemen, I have been called by name. I answer to the call of those who will not approve that we should give rise to doubts as to the power of the people. We are here to hear those who have confided their cause to us.

Some delegates asked—Does the whole of the provisional government approve of these words?

Loud cries of enthusiasm, 'Vive la Republique!' 'Vive Ledru-Rollin!' followed this address.

The night passed in perfect tranquillity. Bodies of men, marching nine and ten abreast, continued to defile along the Boulevards from four o'clock until after midnight, singing the Marseillaise and the Chant des Girondins.

On Saturday the ambassador of the Britannic Majesty having demanded an explanation respecting the arming of the Irish residing in Paris, M. de Lamartine replied that the Republic could not permit any armed body of foreigners to organise itself on its territory.

A meeting of masters and chiefs of industry took place on Friday, at the Luxembourg, under the presidency of M. Louis Blanc, in order to consult upon the means of reconciling the interests of capital and labour.

Paris, Saturday.—The financial measures proposed by M. Garnier-Pages have produced a favourable impression at the Bourse. The decree of the Minister of Finance declares that bills payable at the Treasury shall be reimbursed with interest.

Citizens with the means of subsistence. Let it rest upon that, for we are now without work. We feel convinced that you will make every effort to find them, and that you will be upheld in this by the union of all classes.

M. Lamartine replied—Gentlemen, I have been called by name. I answer to the call of those who will not approve that we should give rise to doubts as to the power of the people. We are here to hear those who have confided their cause to us.

Some delegates asked—Does the whole of the provisional government approve of these words?

Loud cries of enthusiasm, 'Vive la Republique!' 'Vive Ledru-Rollin!' followed this address.

The night passed in perfect tranquillity. Bodies of men, marching nine and ten abreast, continued to defile along the Boulevards from four o'clock until after midnight, singing the Marseillaise and the Chant des Girondins.

On Saturday the ambassador of the Britannic Majesty having demanded an explanation respecting the arming of the Irish residing in Paris, M. de Lamartine replied that the Republic could not permit any armed body of foreigners to organise itself on its territory.

A meeting of masters and chiefs of industry took place on Friday, at the Luxembourg, under the presidency of M. Louis Blanc, in order to consult upon the means of reconciling the interests of capital and labour.

Paris, Saturday.—The financial measures proposed by M. Garnier-Pages have produced a favourable impression at the Bourse. The decree of the Minister of Finance declares that bills payable at the Treasury shall be reimbursed with interest.

Will save the treasury from disbursements which would amount to 275 millions. The holders of the Treasury bills thus postponed have the option of waiting till the six months expire, when they will be entitled to receive the amount in specie, or of exchanging them for coupons of the new loan at par.

The receipt of the octroi, or the dues belonging to the city of Paris, has only been interrupted for a short time during the revolution; it has now, owing to the assiduous exertions of the authorities, resumed its usual course.

POSTPONEMENT OF THE NATIONAL GUARD ELECTION.

Paris, Sunday evening.—The government published this morning another decree postponing the election of the officers of the National Guard until the 5th of April next.

THE NATIONAL ASSEMBLY.

The provisional government held a meeting on Friday night, to consider and decide on the question of the expediency of postponing the elections to a later day than the 9th of April, in accordance with the desire expressed by the people.

THE ARMY.

The Minister of War, with a view of carrying out republican principles in the advancement in the army, has addressed to the generals commanding divisions a circular in which he directs that in future the promotions shall take place by election amongst the soldiers.

MORE POPULAR DEMONSTRATIONS.

Paris, Monday, 11 a.m.—Every day brings its colossal popular demonstration. A procession of ten thousand Savoyards, with banners, marched from the Place Vendome to the Hotel de Ville to-day.

SOME OTHER GOVERNMENT WORKS.

The government has ordered the construction of new workshops for the employment of the unemployed workmen, and a sum of 800,000 francs has been placed at the disposal of the Minister of Public Works.

THE POPULAR CLUBS.

All sorts of enthusiastic titles are given to these associations—the Club of the Rights of Man, the Club of the Republic, the Club of the Workmen, the Central Republican Society, and many others.

Will save the treasury from disbursements which would amount to 275 millions. The holders of the Treasury bills thus postponed have the option of waiting till the six months expire, when they will be entitled to receive the amount in specie, or of exchanging them for coupons of the new loan at par.

The receipt of the octroi, or the dues belonging to the city of Paris, has only been interrupted for a short time during the revolution; it has now, owing to the assiduous exertions of the authorities, resumed its usual course.

Paris, Sunday evening.—The government published this morning another decree postponing the election of the officers of the National Guard until the 5th of April next.

The provisional government held a meeting on Friday night, to consider and decide on the question of the expediency of postponing the elections to a later day than the 9th of April, in accordance with the desire expressed by the people.

The Minister of War, with a view of carrying out republican principles in the advancement in the army, has addressed to the generals commanding divisions a circular in which he directs that in future the promotions shall take place by election amongst the soldiers.

Paris, Monday, 11 a.m.—Every day brings its colossal popular demonstration. A procession of ten thousand Savoyards, with banners, marched from the Place Vendome to the Hotel de Ville to-day.

The government has ordered the construction of new workshops for the employment of the unemployed workmen, and a sum of 800,000 francs has been placed at the disposal of the Minister of Public Works.

All sorts of enthusiastic titles are given to these associations—the Club of the Rights of Man, the Club of the Republic, the Club of the Workmen, the Central Republican Society, and many others.

Will save the treasury from disbursements which would amount to 275 millions. The holders of the Treasury bills thus postponed have the option of waiting till the six months expire, when they will be entitled to receive the amount in specie, or of exchanging them for coupons of the new loan at par.

The receipt of the octroi, or the dues belonging to the city of Paris, has only been interrupted for a short time during the revolution; it has now, owing to the assiduous exertions of the authorities, resumed its usual course.

Paris, Sunday evening.—The government published this morning another decree postponing the election of the officers of the National Guard until the 5th of April next.

The provisional government held a meeting on Friday night, to consider and decide on the question of the expediency of postponing the elections to a later day than the 9th of April, in accordance with the desire expressed by the people.

The Minister of War, with a view of carrying out republican principles in the advancement in the army, has addressed to the generals commanding divisions a circular in which he directs that in future the promotions shall take place by election amongst the soldiers.

Paris, Monday, 11 a.m.—Every day brings its colossal popular demonstration. A procession of ten thousand Savoyards, with banners, marched from the Place Vendome to the Hotel de Ville to-day.

The government has ordered the construction of new workshops for the employment of the unemployed workmen, and a sum of 800,000 francs has been placed at the disposal of the Minister of Public Works.

All sorts of enthusiastic titles are given to these associations—the Club of the Rights of Man, the Club of the Republic, the Club of the Workmen, the Central Republican Society, and many others.

Will save the treasury from disbursements which would amount to 275 millions. The holders of the Treasury bills thus postponed have the option of waiting till the six months expire, when they will be entitled to receive the amount in specie, or of exchanging them for coupons of the new loan at par.

The receipt of the octroi, or the dues belonging to the city of Paris, has only been interrupted for a short time during the revolution; it has now, owing to the assiduous exertions of the authorities, resumed its usual course.

Paris, Sunday evening.—The government published this morning another decree postponing the election of the officers of the National Guard until the 5th of April next.

The provisional government held a meeting on Friday night, to consider and decide on the question of the expediency of postponing the elections to a later day than the 9th of April, in accordance with the desire expressed by the people.

The Minister of War, with a view of carrying out republican principles in the advancement in the army, has addressed to the generals commanding divisions a circular in which he directs that in future the promotions shall take place by election amongst the soldiers.

Paris, Monday, 11 a.m.—Every day brings its colossal popular demonstration. A procession of ten thousand Savoyards, with banners, marched from the Place Vendome to the Hotel de Ville to-day.

The government has ordered the construction of new workshops for the employment of the unemployed workmen, and a sum of 800,000 francs has been placed at the disposal of the Minister of Public Works.

All sorts of enthusiastic titles are given to these associations—the Club of the Rights of Man, the Club of the Republic, the Club of the Workmen, the Central Republican Society, and many others.

Will save the treasury from disbursements which would amount to 275 millions. The holders of the Treasury bills thus postponed have the option of waiting till the six months expire, when they will be entitled to receive the amount in specie, or of exchanging them for coupons of the new loan at par.

The receipt of the octroi, or the dues belonging to the city of Paris, has only been interrupted for a short time during the revolution; it has now, owing to the assiduous exertions of the authorities, resumed its usual course.

Paris, Sunday evening.—The government published this morning another decree postponing the election of the officers of the National Guard until the 5th of April next.

The provisional government held a meeting on Friday night, to consider and decide on the question of the expediency of postponing the elections to a later day than the 9th of April, in accordance with the desire expressed by the people.

The Minister of War, with a view of carrying out republican principles in the advancement in the army, has addressed to the generals commanding divisions a circular in which he directs that in future the promotions shall take place by election amongst the soldiers.

Paris, Monday, 11 a.m.—Every day brings its colossal popular demonstration. A procession of ten thousand Savoyards, with banners, marched from the Place Vendome to the Hotel de Ville to-day.

The government has ordered the construction of new workshops for the employment of the unemployed workmen, and a sum of 800,000 francs has been placed at the disposal of the Minister of Public Works.

All sorts of enthusiastic titles are given to these associations—the Club of the Rights of Man, the Club of the Republic, the Club of the Workmen, the Central Republican Society, and many others.

Will save the treasury from disbursements which would amount to 275 millions. The holders of the Treasury bills thus postponed have the option of waiting till the six months expire, when they will be entitled to receive the amount in specie, or of exchanging them for coupons of the new loan at par.

The receipt of the octroi, or the dues belonging to the city of Paris, has only been interrupted for a short time during the revolution; it has now, owing to the assiduous exertions of the authorities, resumed its usual course.

Paris, Sunday evening.—The government published this morning another decree postponing the election of the officers of the National Guard until the 5th of April next.

The provisional government held a meeting on Friday night, to consider and decide on the question of the expediency of postponing the elections to a later day than the 9th of April, in accordance with the desire expressed by the people.

The Minister of War, with a view of carrying out republican principles in the advancement in the army, has addressed to the generals commanding divisions a circular in which he directs that in future the promotions shall take place by election amongst the soldiers.

Paris, Monday, 11 a.m.—Every day brings its colossal popular demonstration. A procession of ten thousand Savoyards, with banners, marched from the Place Vendome to the Hotel de Ville to-day.

The government has ordered the construction of new workshops for the employment of the unemployed workmen, and a sum of 800,000 francs has been placed at the disposal of the Minister of Public Works.

All sorts of enthusiastic titles are given to these associations—the Club of the Rights of Man, the Club of the Republic, the Club of the Workmen, the Central Republican Society, and many others.

Will save the treasury from disbursements which would amount to 275 millions. The holders of the Treasury bills thus postponed have the option of waiting till the six months expire, when they will be entitled to receive the amount in specie, or of exchanging them for coupons of the new loan at par.

The receipt of the octroi, or the dues belonging to the city of Paris, has only been interrupted for a short time during the revolution; it has now, owing to the assiduous exertions of the authorities, resumed its usual course.

Paris, Sunday evening.—The government published this morning another decree postponing the election of the officers of the National Guard until the 5th of April next.

The provisional government held a meeting on Friday night, to consider and decide on the question of the expediency of postponing the elections to a later day than the 9th of April, in accordance with the desire expressed by the people.

The Minister of War, with a view of carrying out republican principles in the advancement in the army, has addressed to the generals commanding divisions a circular in which he directs that in future the promotions shall take place by election amongst the soldiers.

Paris, Monday, 11 a.m.—Every day brings its colossal popular demonstration. A procession of ten thousand Savoyards, with banners, marched from the Place Vendome to the Hotel de Ville to-day.

The government has ordered the construction of new workshops for the employment of the unemployed workmen, and a sum of 800,000 francs has been placed at the disposal of the Minister of Public Works.

All sorts of enthusiastic titles are given to these associations—the Club of the Rights of Man, the Club of the Republic, the Club of the Workmen, the Central Republican Society, and many others.

Will save the treasury from disbursements which would amount to 275 millions. The holders of the Treasury bills thus postponed have the option of waiting till the six months expire, when they will be entitled to receive the amount in specie, or of exchanging them for coupons of the new loan at par.

The receipt of the octroi, or the dues belonging to the city of Paris, has only been interrupted for a short time during the revolution; it has now, owing to the assiduous exertions of the authorities, resumed its usual course.

Paris, Sunday evening.—The government published this morning another decree postponing the election of the officers of the National Guard until the 5th of April next.

The provisional government held a meeting on Friday night, to consider and decide on the question of the expediency of postponing the elections to a later day than the 9th of April, in accordance with the desire expressed by the people.

The Minister of War, with a view of carrying out republican principles in the advancement in the army, has addressed to the generals commanding divisions a circular in which he directs that in future the promotions shall take place by election amongst the soldiers.

Paris, Monday, 11 a.m.—Every day brings its colossal popular demonstration. A procession of ten thousand Savoyards, with banners, marched from the Place Vendome to the Hotel de Ville to-day.

The government has ordered the construction of new workshops for the employment of the unemployed workmen, and a sum of 800,000 francs has been placed at the disposal of the Minister of Public Works.

All sorts of enthusiastic titles are given to these associations—the Club of the Rights of Man, the Club of the Republic, the Club of the Workmen, the Central Republican Society, and many others.

Will save the treasury from disbursements which would amount to 275 millions. The holders of the Treasury bills thus postponed have the option of waiting till the six months expire, when they will be entitled to receive the amount in specie, or of exchanging them for coupons of the new loan at par.

The receipt of the octroi, or the dues belonging to the city of Paris, has only been interrupted for a short time during the revolution; it has now, owing to the assiduous exertions of the authorities, resumed its usual course.

Paris, Sunday evening.—The government published this morning another decree postponing the election of the officers of the National Guard until the 5th of April next.

The provisional government held a meeting on Friday night, to consider and decide on the question of the expediency of postponing the elections to a later day than the 9th of April, in accordance with the desire expressed by the people.

The Minister of War, with a view of carrying out republican principles in the advancement in the army, has addressed to the generals commanding divisions a circular in which he directs that in future the promotions shall take place by election amongst the soldiers.

Paris, Monday, 11 a.m.—Every day brings its colossal popular demonstration. A procession of ten thousand Savoyards, with banners, marched from the Place Vendome to the Hotel de Ville to-day.

The government has ordered the construction of new workshops for the employment of the unemployed workmen, and a sum of 800,000 francs has been placed at the disposal of the Minister of Public Works.

All sorts of enthusiastic titles are given to these associations—the Club of the Rights of Man, the Club of the Republic, the Club of the Workmen, the Central Republican Society, and many others.

Will save the treasury from disbursements which would amount to 275 millions. The holders of the Treasury bills thus postponed have the option of waiting till the six months expire, when they will be entitled to receive the amount in specie, or of exchanging them for coupons of the new loan at par.

The receipt of the octroi, or the dues belonging to the city of Paris, has only been interrupted for a short time during the revolution; it has now, owing to the assiduous exertions of the authorities, resumed its usual course.

Paris, Sunday evening.—The government published this morning another decree postponing the election of the officers of the National Guard until the 5th of April next.

The provisional government held a meeting on Friday night, to consider and decide on the question of the expediency of postponing the elections to a later day than the 9th of April, in accordance with the desire expressed by the people.

The Minister of War, with a view of carrying out republican principles in the advancement in the army, has addressed to the generals commanding divisions a circular in which he directs that in future the promotions shall take place by election amongst the soldiers.

Paris, Monday, 11 a.m.—Every day brings its colossal popular demonstration. A procession of ten thousand Savoyards, with banners, marched from the Place Vendome to the Hotel de Ville to-day.
